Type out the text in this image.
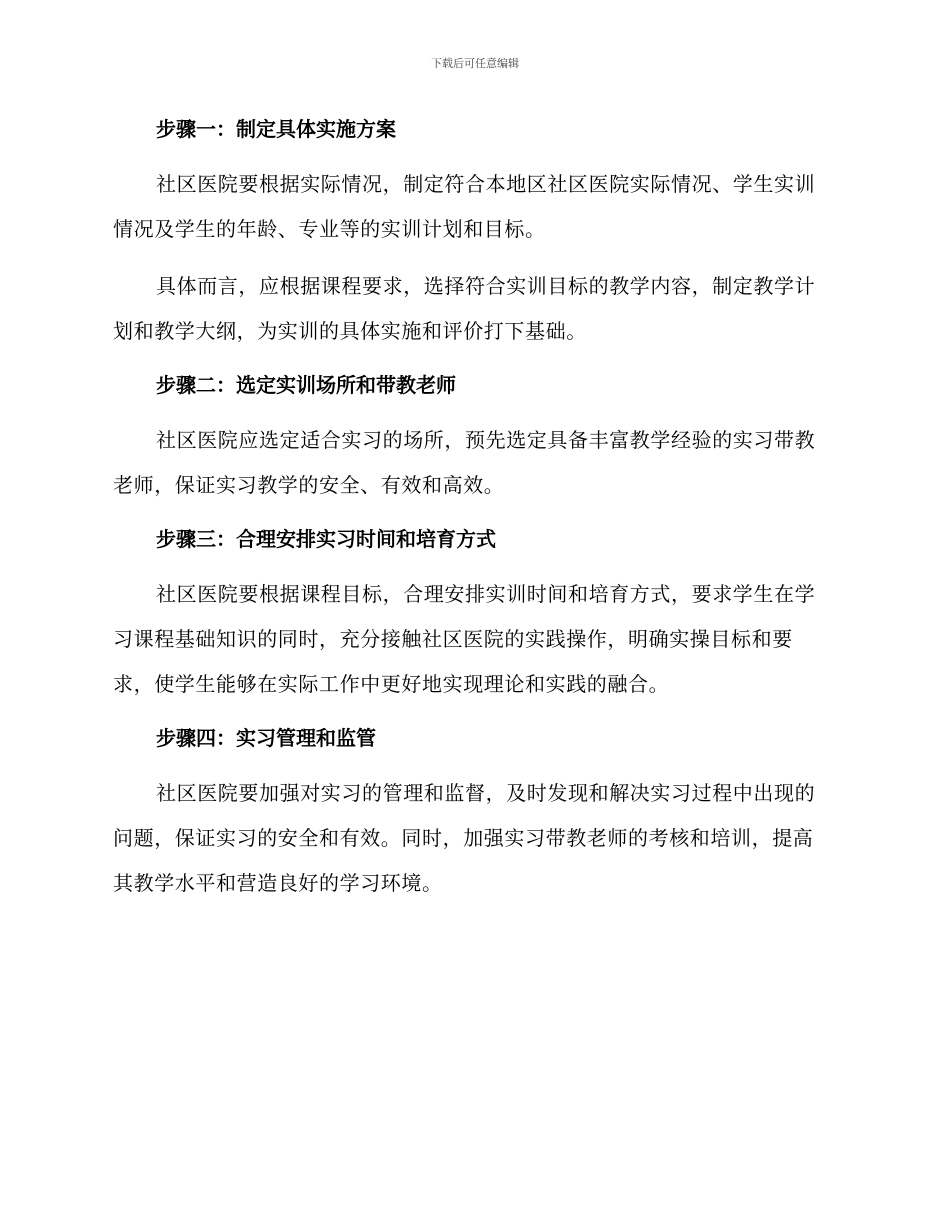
下载后可任意编辑
步骤一：制定具体实施方案

社区医院要根据实际情况，制定符合本地区社区医院实际情况、学生实训情况及学生的年龄、专业等的实训计划和目标。

具体而言，应根据课程要求，选择符合实训目标的教学内容，制定教学计划和教学大纲，为实训的具体实施和评价打下基础。

步骤二：选定实训场所和带教老师

社区医院应选定适合实习的场所，预先选定具备丰富教学经验的实习带教老师，保证实习教学的安全、有效和高效。

步骤三：合理安排实习时间和培育方式

社区医院要根据课程目标，合理安排实训时间和培育方式，要求学生在学习课程基础知识的同时，充分接触社区医院的实践操作，明确实操目标和要求，使学生能够在实际工作中更好地实现理论和实践的融合。

步骤四：实习管理和监管

社区医院要加强对实习的管理和监督，及时发现和解决实习过程中出现的问题，保证实习的安全和有效。同时，加强实习带教老师的考核和培训，提高其教学水平和营造良好的学习环境。
